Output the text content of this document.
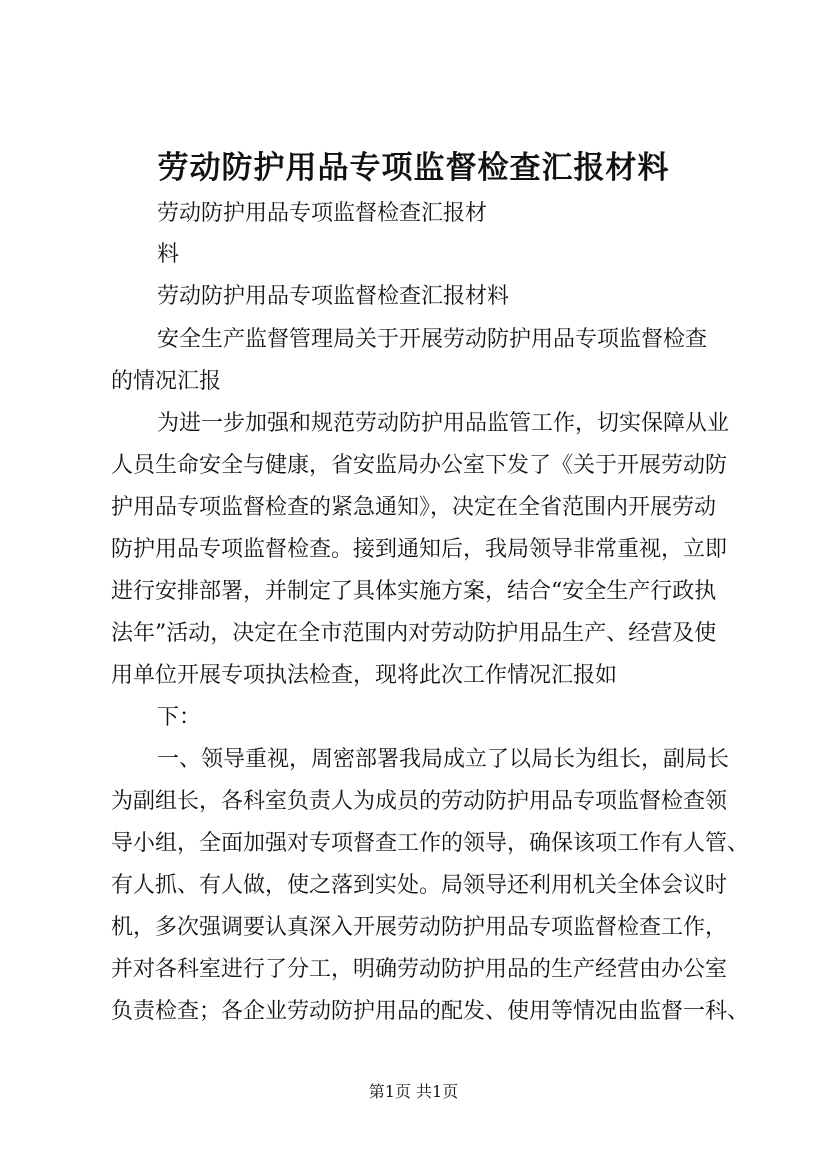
劳动防护用品专项监督检查汇报材料
劳动防护用品专项监督检查汇报材
料
劳动防护用品专项监督检查汇报材料
安全生产监督管理局关于开展劳动防护用品专项监督检查
的情况汇报
为进一步加强和规范劳动防护用品监管工作，切实保障从业
人员生命安全与健康，省安监局办公室下发了《关于开展劳动防
护用品专项监督检查的紧急通知》，决定在全省范围内开展劳动
防护用品专项监督检查。接到通知后，我局领导非常重视，立即
进行安排部署，并制定了具体实施方案，结合“安全生产行政执
法年”活动，决定在全市范围内对劳动防护用品生产、经营及使
用单位开展专项执法检查，现将此次工作情况汇报如
下：
一、领导重视，周密部署我局成立了以局长为组长，副局长
为副组长，各科室负责人为成员的劳动防护用品专项监督检查领
导小组，全面加强对专项督查工作的领导，确保该项工作有人管、
有人抓、有人做，使之落到实处。局领导还利用机关全体会议时
机，多次强调要认真深入开展劳动防护用品专项监督检查工作，
并对各科室进行了分工，明确劳动防护用品的生产经营由办公室
负责检查；各企业劳动防护用品的配发、使用等情况由监督一科、
第1页 共1页
